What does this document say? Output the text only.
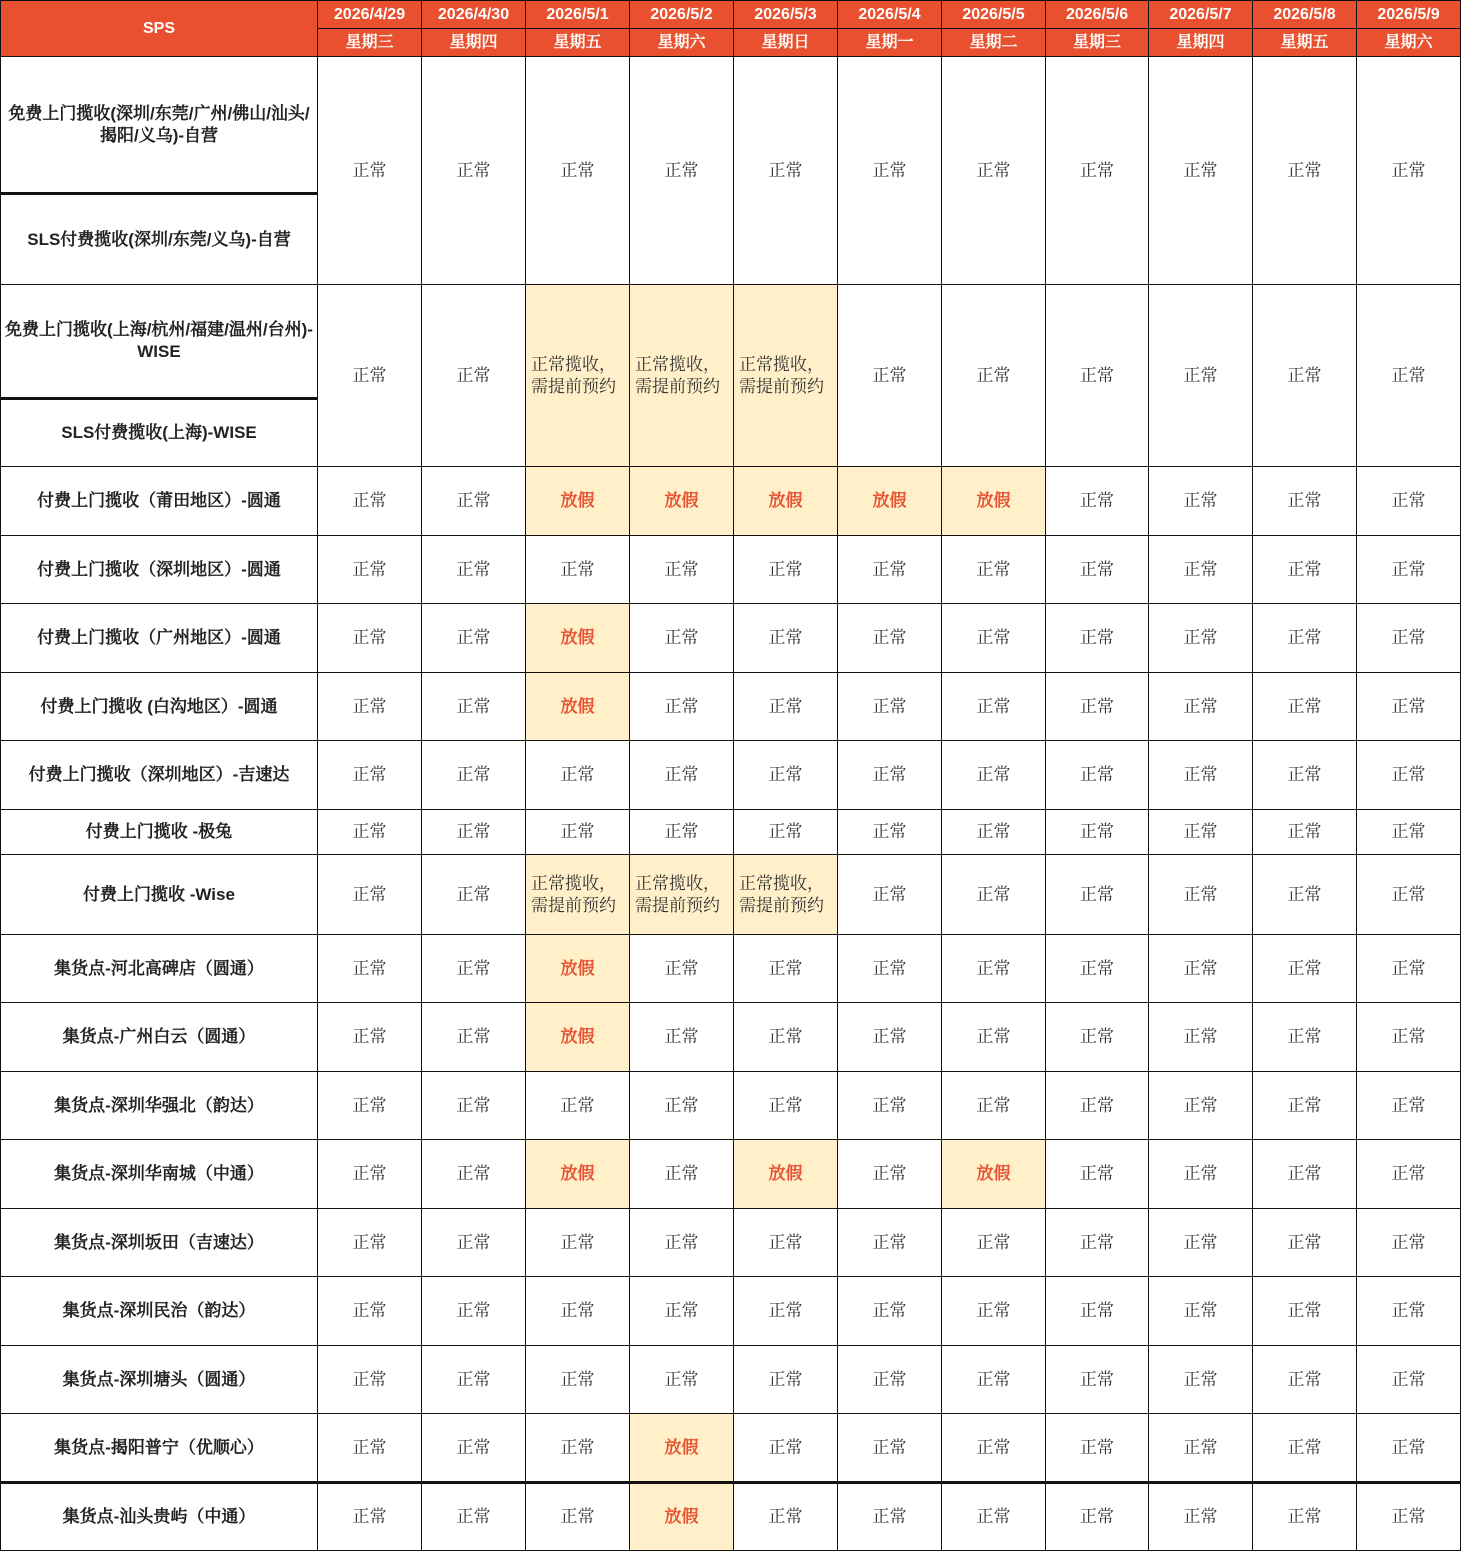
SPS	2026/4/29	2026/4/30	2026/5/1	2026/5/2	2026/5/3	2026/5/4	2026/5/5	2026/5/6	2026/5/7	2026/5/8	2026/5/9
	星期三	星期四	星期五	星期六	星期日	星期一	星期二	星期三	星期四	星期五	星期六
免费上门揽收(深圳/东莞/广州/佛山/汕头/揭阳/义乌)-自营	正常	正常	正常	正常	正常	正常	正常	正常	正常	正常	正常
SLS付费揽收(深圳/东莞/义乌)-自营											
免费上门揽收(上海/杭州/福建/温州/台州)-WISE	正常	正常	正常揽收，需提前预约	正常揽收，需提前预约	正常揽收，需提前预约	正常	正常	正常	正常	正常	正常
SLS付费揽收(上海)-WISE											
付费上门揽收（莆田地区）-圆通	正常	正常	放假	放假	放假	放假	放假	正常	正常	正常	正常
付费上门揽收（深圳地区）-圆通	正常	正常	正常	正常	正常	正常	正常	正常	正常	正常	正常
付费上门揽收（广州地区）-圆通	正常	正常	放假	正常	正常	正常	正常	正常	正常	正常	正常
付费上门揽收 (白沟地区）-圆通	正常	正常	放假	正常	正常	正常	正常	正常	正常	正常	正常
付费上门揽收（深圳地区）-吉速达	正常	正常	正常	正常	正常	正常	正常	正常	正常	正常	正常
付费上门揽收 -极兔	正常	正常	正常	正常	正常	正常	正常	正常	正常	正常	正常
付费上门揽收 -Wise	正常	正常	正常揽收，需提前预约	正常揽收，需提前预约	正常揽收，需提前预约	正常	正常	正常	正常	正常	正常
集货点-河北高碑店（圆通）	正常	正常	放假	正常	正常	正常	正常	正常	正常	正常	正常
集货点-广州白云（圆通）	正常	正常	放假	正常	正常	正常	正常	正常	正常	正常	正常
集货点-深圳华强北（韵达）	正常	正常	正常	正常	正常	正常	正常	正常	正常	正常	正常
集货点-深圳华南城（中通）	正常	正常	放假	正常	放假	正常	放假	正常	正常	正常	正常
集货点-深圳坂田（吉速达）	正常	正常	正常	正常	正常	正常	正常	正常	正常	正常	正常
集货点-深圳民治（韵达）	正常	正常	正常	正常	正常	正常	正常	正常	正常	正常	正常
集货点-深圳塘头（圆通）	正常	正常	正常	正常	正常	正常	正常	正常	正常	正常	正常
集货点-揭阳普宁（优顺心）	正常	正常	正常	放假	正常	正常	正常	正常	正常	正常	正常
集货点-汕头贵屿（中通）	正常	正常	正常	放假	正常	正常	正常	正常	正常	正常	正常
